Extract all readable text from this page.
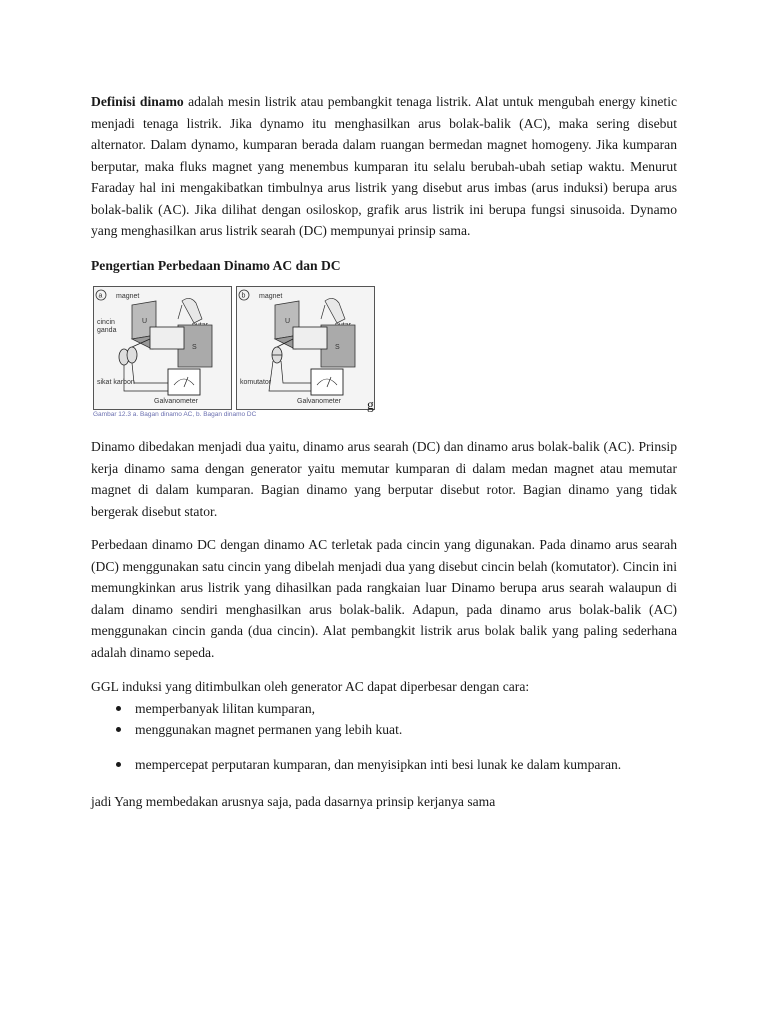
Definisi dinamo adalah mesin listrik atau pembangkit tenaga listrik. Alat untuk mengubah energy kinetic menjadi tenaga listrik. Jika dynamo itu menghasilkan arus bolak-balik (AC), maka sering disebut alternator. Dalam dynamo, kumparan berada dalam ruangan bermedan magnet homogeny. Jika kumparan berputar, maka fluks magnet yang menembus kumparan itu selalu berubah-ubah setiap waktu. Menurut Faraday hal ini mengakibatkan timbulnya arus listrik yang disebut arus imbas (arus induksi) berupa arus bolak-balik (AC). Jika dilihat dengan osiloskop, grafik arus listrik ini berupa fungsi sinusoida. Dynamo yang menghasilkan arus listrik searah (DC) mempunyai prinsip sama.

Pengertian Perbedaan Dinamo AC dan DC
a magnet
cincin
ganda
sikat karbon
Galvanometer
U
S
b magnet
komutator
Galvanometer
U
S
Gambar 12.3 a. Bagan dinamo AC, b. Bagan dinamo DC
g

Dinamo dibedakan menjadi dua yaitu, dinamo arus searah (DC) dan dinamo arus bolak-balik (AC). Prinsip kerja dinamo sama dengan generator yaitu memutar kumparan di dalam medan magnet atau memutar magnet di dalam kumparan. Bagian dinamo yang berputar disebut rotor. Bagian dinamo yang tidak bergerak disebut stator.

Perbedaan dinamo DC dengan dinamo AC terletak pada cincin yang digunakan. Pada dinamo arus searah (DC) menggunakan satu cincin yang dibelah menjadi dua yang disebut cincin belah (komutator). Cincin ini memungkinkan arus listrik yang dihasilkan pada rangkaian luar Dinamo berupa arus searah walaupun di dalam dinamo sendiri menghasilkan arus bolak-balik. Adapun, pada dinamo arus bolak-balik (AC) menggunakan cincin ganda (dua cincin). Alat pembangkit listrik arus bolak balik yang paling sederhana adalah dinamo sepeda.

GGL induksi yang ditimbulkan oleh generator AC dapat diperbesar dengan cara:

memperbanyak lilitan kumparan,
menggunakan magnet permanen yang lebih kuat.
mempercepat perputaran kumparan, dan menyisipkan inti besi lunak ke dalam kumparan.

jadi Yang membedakan arusnya saja, pada dasarnya prinsip kerjanya sama
